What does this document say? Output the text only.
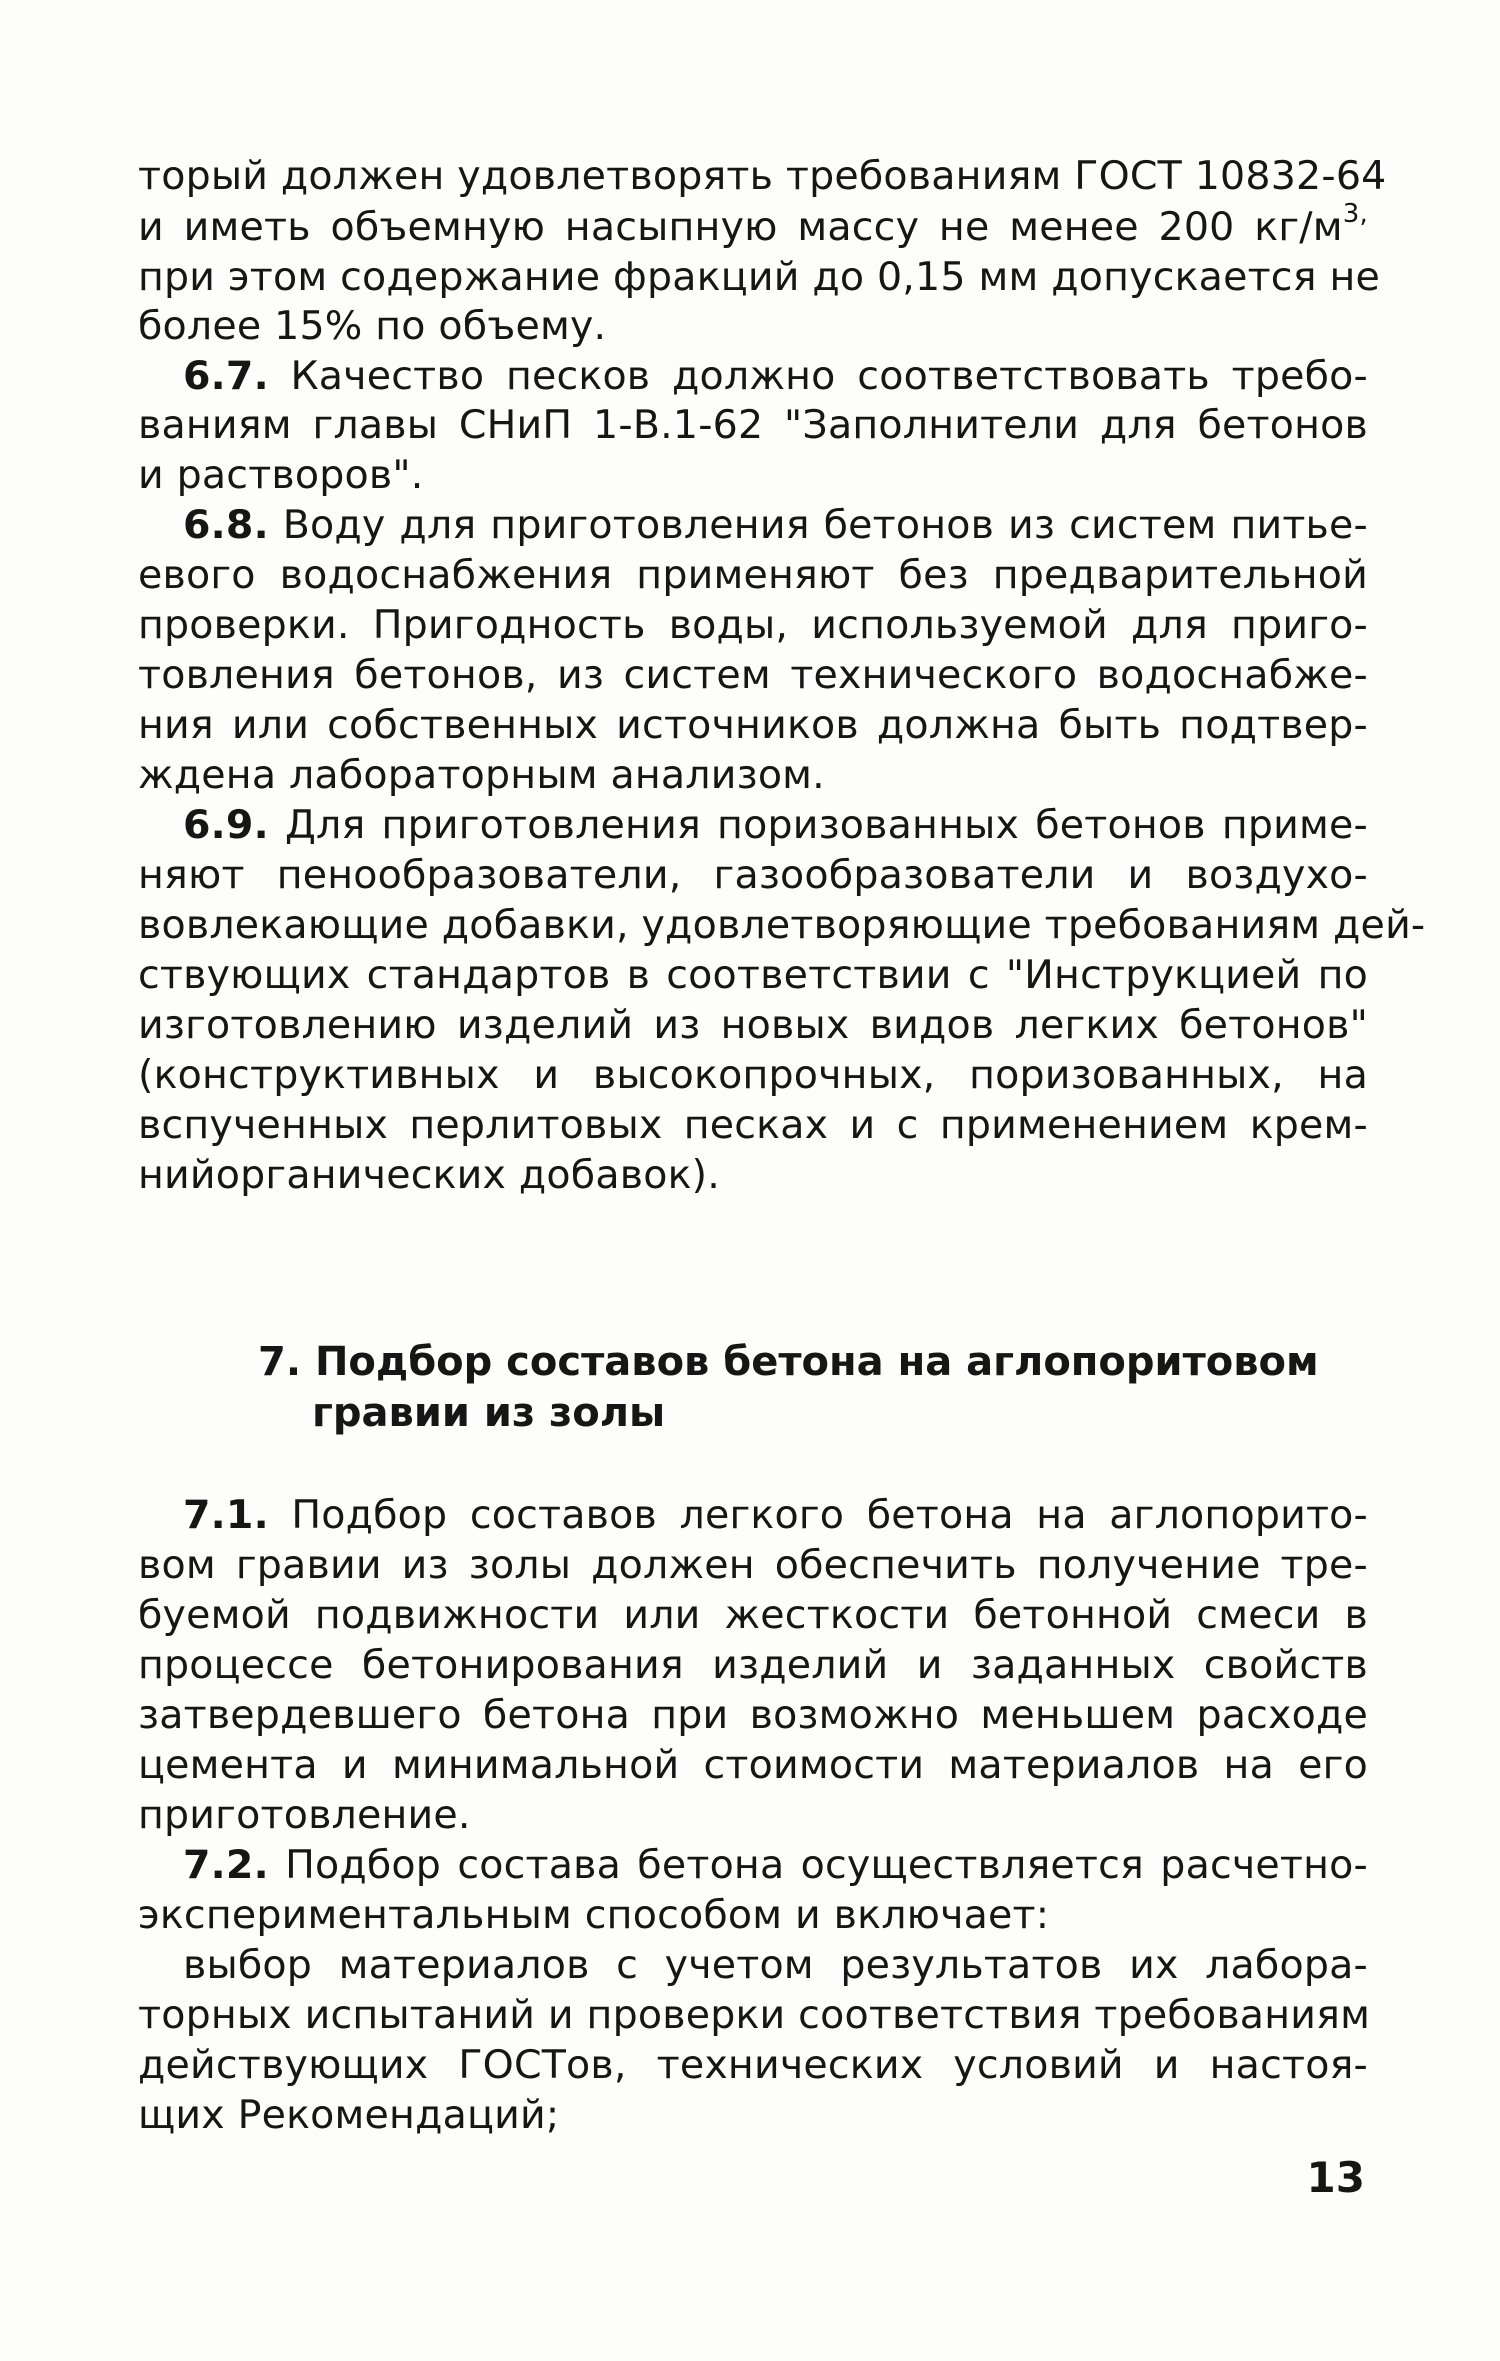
торый должен удовлетворять требованиям ГОСТ 10832-64
и иметь объемную насыпную массу не менее 200 $кг/м^{3,}$
при этом содержание фракций до 0,15 мм допускается не
более 15% по объему.
6.7. Качество песков должно соответствовать требо-
ваниям главы СНиП 1-В.1-62 "Заполнители для бетонов
и растворов".
6.8. Воду для приготовления бетонов из систем питье-
евого водоснабжения применяют без предварительной
проверки. Пригодность воды, используемой для приго-
товления бетонов, из систем технического водоснабже-
ния или собственных источников должна быть подтвер-
ждена лабораторным анализом.
6.9. Для приготовления поризованных бетонов приме-
няют пенообразователи, газообразователи и воздухо-
вовлекающие добавки, удовлетворяющие требованиям дей-
ствующих стандартов в соответствии с "Инструкцией по
изготовлению изделий из новых видов легких бетонов"
(конструктивных и высокопрочных, поризованных, на
вспученных перлитовых песках и с применением крем-
нийорганических добавок).
7. Подбор составов бетона на аглопоритовом
гравии из золы
7.1. Подбор составов легкого бетона на аглопорито-
вом гравии из золы должен обеспечить получение тре-
буемой подвижности или жесткости бетонной смеси в
процессе бетонирования изделий и заданных свойств
затвердевшего бетона при возможно меньшем расходе
цемента и минимальной стоимости материалов на его
приготовление.
7.2. Подбор состава бетона осуществляется расчетно-
экспериментальным способом и включает:
выбор материалов с учетом результатов их лабора-
торных испытаний и проверки соответствия требованиям
действующих ГОСТов, технических условий и настоя-
щих Рекомендаций;
13
